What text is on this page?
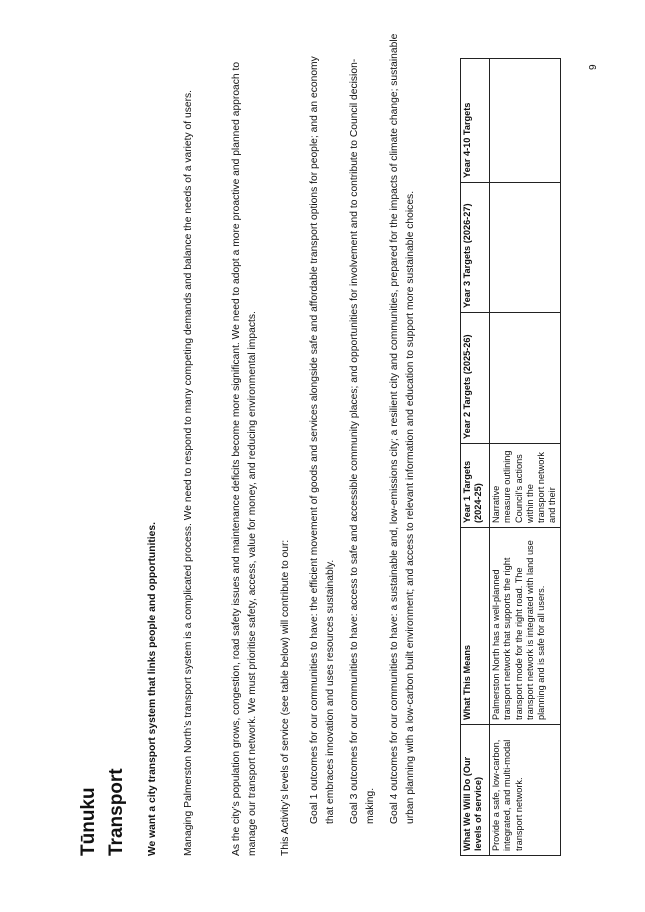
Tūnuku Transport We want a city transport system that links people and opportunities. Managing Palmerston North’s transport system is a complicated process. We need to respond to many competing demands and balance the needs of a variety of users.	As the city’s population grows, congestion, road safety issues and maintenance deficits become more significant. We need to adopt a more proactive and planned approach to manage our transport network. We must prioritise safety, access, value for money, and reducing environmental impacts. This Activity’s levels of service (see table below) will contribute to our: Goal 1 outcomes for our communities to have: the efficient movement of goods and services alongside safe and affordable transport options for people; and an economy that embraces innovation and uses resources sustainably. Goal 3 outcomes for our communities to have: access to safe and accessible community places; and opportunities for involvement and to contribute to Council decision-making. Goal 4 outcomes for our communities to have: a sustainable and, low-emissions city; a resilient city and communities, prepared for the impacts of climate change; sustainable urban planning with a low-carbon built environment; and access to relevant information and education to support more sustainable choices.	What We Will Do (Our levels of service)	What This Means	Year 1 Targets (2024-25)	Year 2 Targets (2025-26)	Year 3 Targets (2026-27)	Year 4-10 Targets
Provide a safe, low-carbon, integrated, and multi-modal transport network.	Palmerston North has a well-planned transport network that supports the right transport mode for the right road. The transport network is integrated with land use planning and is safe for all users.	Narrative measure outlining Council’s actions within the transport network and their			
9
